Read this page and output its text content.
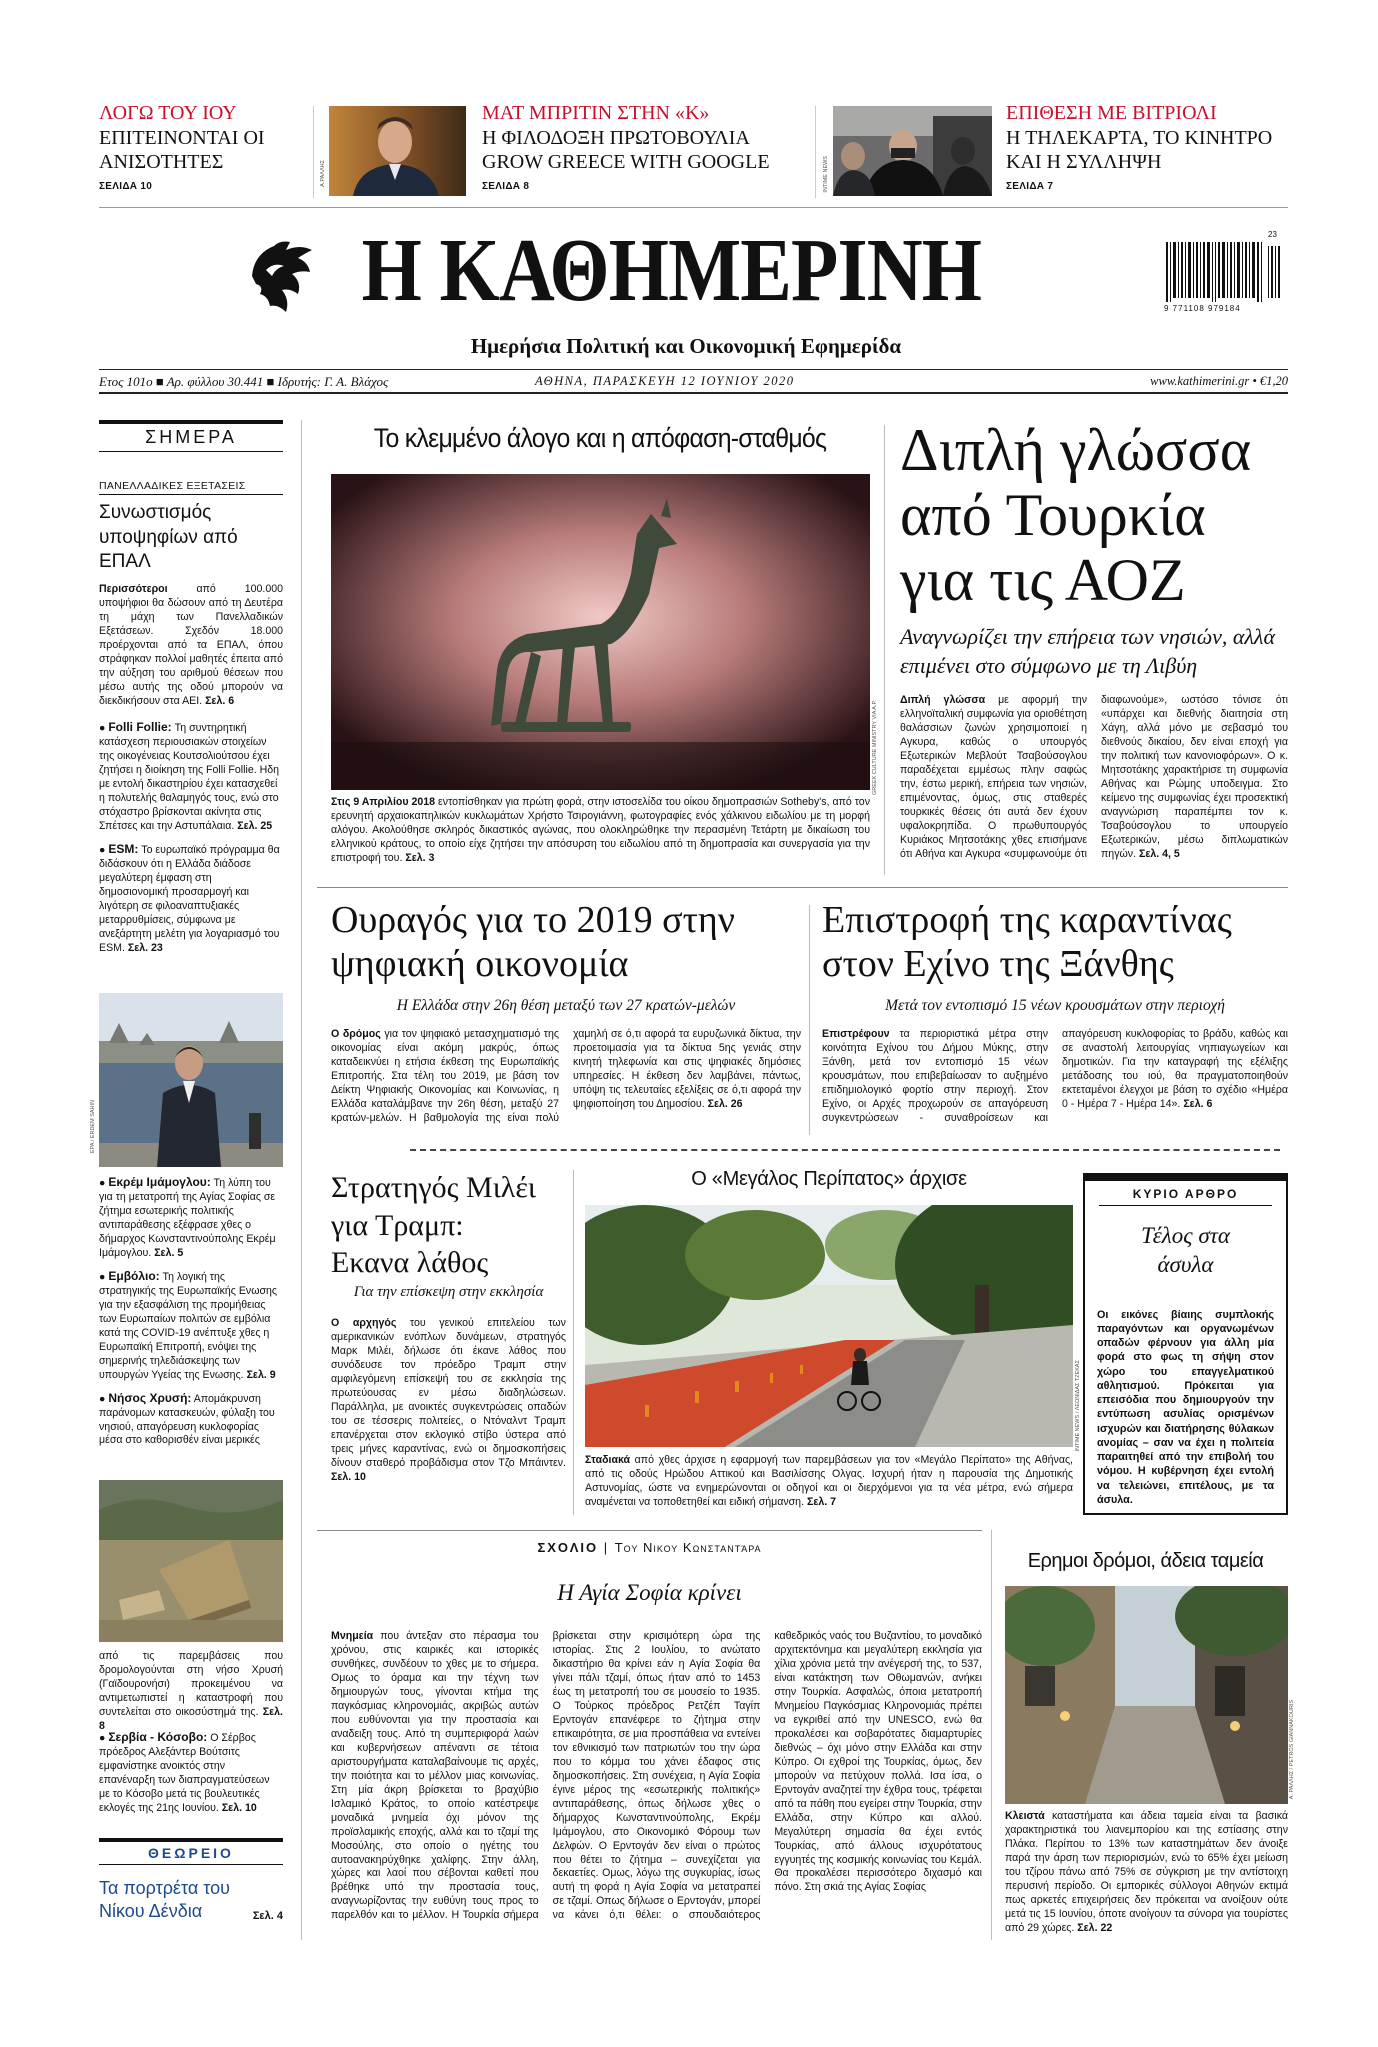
ΛΟΓΩ ΤΟΥ ΙΟΥ
ΕΠΙΤΕΙΝΟΝΤΑΙ ΟΙ ΑΝΙΣΟΤΗΤΕΣ
ΣΕΛΙΔΑ 10	Α.ΡΑΛΛΗΣ
ΜΑΤ ΜΠΡΙΤΙΝ ΣΤΗΝ «Κ»
Η ΦΙΛΟΔΟΞΗ ΠΡΩΤΟΒΟΥΛΙΑ GROW GREECE WITH GOOGLE
ΣΕΛΙΔΑ 8	INTIME NEWS
ΕΠΙΘΕΣΗ ΜΕ ΒΙΤΡΙΟΛΙ
Η ΤΗΛΕΚΑΡΤΑ, ΤΟ ΚΙΝΗΤΡΟ ΚΑΙ Η ΣΥΛΛΗΨΗ
ΣΕΛΙΔΑ 7
Η ΚΑΘΗΜΕΡΙΝΗ
Ημερήσια Πολιτική και Οικονομική Εφημερίδα
23
9 771108 979184
Ετος 101ο ■ Αρ. φύλλου 30.441 ■ Ιδρυτής: Γ. Α. Βλάχος	ΑΘΗΝΑ, ΠΑΡΑΣΚΕΥΗ 12 ΙΟΥΝΙΟΥ 2020	www.kathimerini.gr • €1,20
ΣΗΜΕΡΑ
ΠΑΝΕΛΛΑΔΙΚΕΣ ΕΞΕΤΑΣΕΙΣ
Συνωστισμός υποψηφίων από ΕΠΑΛ
Περισσότεροι από 100.000 υποψήφιοι θα δώσουν από τη Δευτέρα τη μάχη των Πανελλαδικών Εξετάσεων. Σχεδόν 18.000 προέρχονται από τα ΕΠΑΛ, όπου στράφηκαν πολλοί μαθητές έπειτα από την αύξηση του αριθμού θέσεων που μέσω αυτής της οδού μπορούν να διεκδικήσουν στα ΑΕΙ. Σελ. 6
● Folli Follie: Τη συντηρητική κατάσχεση περιουσιακών στοιχείων της οικογένειας Κουτσολιούτσου έχει ζητήσει η διοίκηση της Folli Follie. Ηδη με εντολή δικαστηρίου έχει κατασχεθεί η πολυτελής θαλαμηγός τους, ενώ στο στόχαστρο βρίσκονται ακίνητα στις Σπέτσες και την Αστυπάλαια. Σελ. 25
● ESM: Το ευρωπαϊκό πρόγραμμα θα διδάσκουν ότι η Ελλάδα διάδοσε μεγαλύτερη έμφαση στη δημοσιονομική προσαρμογή και λιγότερη σε φιλοαναπτυξιακές μεταρρυθμίσεις, σύμφωνα με ανεξάρτητη μελέτη για λογαριασμό του ESM. Σελ. 23
EPA / ERDEM SAHIN
● Εκρέμ Ιμάμογλου: Τη λύπη του για τη μετατροπή της Αγίας Σοφίας σε ζήτημα εσωτερικής πολιτικής αντιπαράθεσης εξέφρασε χθες ο δήμαρχος Κωνσταντινούπολης Εκρέμ Ιμάμογλου. Σελ. 5
● Εμβόλιο: Τη λογική της στρατηγικής της Ευρωπαϊκής Ενωσης για την εξασφάλιση της προμήθειας των Ευρωπαίων πολιτών σε εμβόλια κατά της COVID-19 ανέπτυξε χθες η Ευρωπαϊκή Επιτροπή, ενόψει της σημερινής τηλεδιάσκεψης των υπουργών Υγείας της Ενωσης. Σελ. 9
● Νήσος Χρυσή: Απομάκρυνση παράνομων κατασκευών, φύλαξη του νησιού, απαγόρευση κυκλοφορίας μέσα στο καθορισθέν είναι μερικές
από τις παρεμβάσεις που δρομολογούνται στη νήσο Χρυσή (Γαϊδουρονήσι) προκειμένου να αντιμετωπιστεί η καταστροφή που συντελείται στο οικοσύστημά της. Σελ. 8
● Σερβία - Κόσοβο: Ο Σέρβος πρόεδρος Αλεξάντερ Βούτσιτς εμφανίστηκε ανοικτός στην επανέναρξη των διαπραγματεύσεων με το Κόσοβο μετά τις βουλευτικές εκλογές της 21ης Ιουνίου. Σελ. 10
ΘΕΩΡΕΙΟ
Τα πορτρέτα του Νίκου Δένδια	Σελ. 4
Το κλεμμένο άλογο και η απόφαση-σταθμός
GREEK CULTURE MINISTRY VIA A.P.
Στις 9 Απριλίου 2018 εντοπίσθηκαν για πρώτη φορά, στην ιστοσελίδα του οίκου δημοπρασιών Sotheby's, από τον ερευνητή αρχαιοκαπηλικών κυκλωμάτων Χρήστο Τσιρογιάννη, φωτογραφίες ενός χάλκινου ειδωλίου με τη μορφή αλόγου. Ακολούθησε σκληρός δικαστικός αγώνας, που ολοκληρώθηκε την περασμένη Τετάρτη με δικαίωση του ελληνικού κράτους, το οποίο είχε ζητήσει την απόσυρση του ειδωλίου από τη δημοπρασία και συνεργασία για την επιστροφή του. Σελ. 3
Διπλή γλώσσα από Τουρκία για τις ΑΟΖ
Αναγνωρίζει την επήρεια των νησιών, αλλά επιμένει στο σύμφωνο με τη Λιβύη
Διπλή γλώσσα με αφορμή την ελληνοϊταλική συμφωνία για οριοθέτηση θαλάσσιων ζωνών χρησιμοποιεί η Αγκυρα, καθώς ο υπουργός Εξωτερικών Μεβλούτ Τσαβούσογλου παραδέχεται εμμέσως πλην σαφώς την, έστω μερική, επήρεια των νησιών, επιμένοντας, όμως, στις σταθερές τουρκικές θέσεις ότι αυτά δεν έχουν υφαλοκρηπίδα. Ο πρωθυπουργός Κυριάκος Μητσοτάκης χθες επισήμανε ότι Αθήνα και Αγκυρα «συμφωνούμε ότι διαφωνούμε», ωστόσο τόνισε ότι «υπάρχει και διεθνής διαιτησία στη Χάγη, αλλά μόνο με σεβασμό του διεθνούς δικαίου, δεν είναι εποχή για την πολιτική των κανονιοφόρων». Ο κ. Μητσοτάκης χαρακτήρισε τη συμφωνία Αθήνας και Ρώμης υποδειγμα. Στο κείμενο της συμφωνίας έχει προσεκτική αναγνώριση παραπέμπει τον κ. Τσαβούσογλου το υπουργείο Εξωτερικών, μέσω διπλωματικών πηγών. Σελ. 4, 5
Ουραγός για το 2019 στην ψηφιακή οικονομία
Η Ελλάδα στην 26η θέση μεταξύ των 27 κρατών-μελών
Ο δρόμος για τον ψηφιακό μετασχηματισμό της οικονομίας είναι ακόμη μακρύς, όπως καταδεικνύει η ετήσια έκθεση της Ευρωπαϊκής Επιτροπής. Στα τέλη του 2019, με βάση τον Δείκτη Ψηφιακής Οικονομίας και Κοινωνίας, η Ελλάδα καταλάμβανε την 26η θέση, μεταξύ 27 κρατών-μελών. Η βαθμολογία της είναι πολύ χαμηλή σε ό,τι αφορά τα ευρυζωνικά δίκτυα, την προετοιμασία για τα δίκτυα 5ης γενιάς στην κινητή τηλεφωνία και στις ψηφιακές δημόσιες υπηρεσίες. Η έκθεση δεν λαμβάνει, πάντως, υπόψη τις τελευταίες εξελίξεις σε ό,τι αφορά την ψηφιοποίηση του Δημοσίου. Σελ. 26
Επιστροφή της καραντίνας στον Εχίνο της Ξάνθης
Μετά τον εντοπισμό 15 νέων κρουσμάτων στην περιοχή
Επιστρέφουν τα περιοριστικά μέτρα στην κοινότητα Εχίνου του Δήμου Μύκης, στην Ξάνθη, μετά τον εντοπισμό 15 νέων κρουσμάτων, που επιβεβαίωσαν το αυξημένο επιδημιολογικό φορτίο στην περιοχή. Στον Εχίνο, οι Αρχές προχωρούν σε απαγόρευση συγκεντρώσεων - συναθροίσεων και απαγόρευση κυκλοφορίας το βράδυ, καθώς και σε αναστολή λειτουργίας νηπιαγωγείων και δημοτικών. Για την καταγραφή της εξέλιξης μετάδοσης του ιού, θα πραγματοποιηθούν εκτεταμένοι έλεγχοι με βάση το σχέδιο «Ημέρα 0 - Ημέρα 7 - Ημέρα 14». Σελ. 6
Στρατηγός Μιλέι για Τραμπ: Εκανα λάθος
Για την επίσκεψη στην εκκλησία
Ο αρχηγός του γενικού επιτελείου των αμερικανικών ενόπλων δυνάμεων, στρατηγός Μαρκ Μιλέι, δήλωσε ότι έκανε λάθος που συνόδευσε τον πρόεδρο Τραμπ στην αμφιλεγόμενη επίσκεψή του σε εκκλησία της πρωτεύουσας εν μέσω διαδηλώσεων. Παράλληλα, με ανοικτές συγκεντρώσεις οπαδών του σε τέσσερις πολιτείες, ο Ντόναλντ Τραμπ επανέρχεται στον εκλογικό στίβο ύστερα από τρεις μήνες καραντίνας, ενώ οι δημοσκοπήσεις δίνουν σταθερό προβάδισμα στον Τζο Μπάιντεν. Σελ. 10
Ο «Μεγάλος Περίπατος» άρχισε
INTIME NEWS / ΛΕΩΝΙΔΑΣ ΤΖΕΚΑΣ
Σταδιακά από χθες άρχισε η εφαρμογή των παρεμβάσεων για τον «Μεγάλο Περίπατο» της Αθήνας, από τις οδούς Ηρώδου Αττικού και Βασιλίσσης Ολγας. Ισχυρή ήταν η παρουσία της Δημοτικής Αστυνομίας, ώστε να ενημερώνονται οι οδηγοί και οι διερχόμενοι για τα νέα μέτρα, ενώ σήμερα αναμένεται να τοποθετηθεί και ειδική σήμανση. Σελ. 7
ΚΥΡΙΟ ΑΡΘΡΟ
Τέλος στα άσυλα
Οι εικόνες βίαιης συμπλοκής παραγόντων και οργανωμένων οπαδών φέρνουν για άλλη μία φορά στο φως τη σήψη στον χώρο του επαγγελματικού αθλητισμού. Πρόκειται για επεισόδια που δημιουργούν την εντύπωση ασυλίας ορισμένων ισχυρών και διατήρησης θύλακων ανομίας – σαν να έχει η πολιτεία παραιτηθεί από την επιβολή του νόμου. Η κυβέρνηση έχει εντολή να τελειώνει, επιτέλους, με τα άσυλα.
ΣΧΟΛΙΟ | Του Νικου Κωνσταντάρα
Η Αγία Σοφία κρίνει
Μνημεία που άντεξαν στο πέρασμα του χρόνου, στις καιρικές και ιστορικές συνθήκες, συνδέουν το χθες με το σήμερα. Ομως το όραμα και την τέχνη των δημιουργών τους, γίνονται κτήμα της παγκόσμιας κληρονομιάς, ακριβώς αυτών που ευθύνονται για την προστασία και αναδειξη τους. Από τη συμπεριφορά λαών και κυβερνήσεων απέναντι σε τέτοια αριστουργήματα καταλαβαίνουμε τις αρχές, την ποιότητα και το μέλλον μιας κοινωνίας. Στη μία άκρη βρίσκεται το βραχύβιο Ισλαμικό Κράτος, το οποίο κατέστρεψε μοναδικά μνημεία όχι μόνον της προϊσλαμικής εποχής, αλλά και το τζαμί της Μοσούλης, στο οποίο ο ηγέτης του αυτοανακηρύχθηκε χαλίφης. Στην άλλη, χώρες και λαοί που σέβονται καθετί που βρέθηκε υπό την προστασία τους, αναγνωρίζοντας την ευθύνη τους προς το παρελθόν και το μέλλον. Η Τουρκία σήμερα βρίσκεται στην κρισιμότερη ώρα της ιστορίας. Στις 2 Ιουλίου, το ανώτατο δικαστήριο θα κρίνει εάν η Αγία Σοφία θα γίνει πάλι τζαμί, όπως ήταν από το 1453 έως τη μετατροπή του σε μουσείο το 1935. Ο Τούρκος πρόεδρος Ρετζέπ Ταγίπ Ερντογάν επανέφερε το ζήτημα στην επικαιρότητα, σε μια προσπάθεια να εντείνει τον εθνικισμό των πατριωτών του την ώρα που το κόμμα του χάνει έδαφος στις δημοσκοπήσεις. Στη συνέχεια, η Αγία Σοφία έγινε μέρος της «εσωτερικής πολιτικής» αντιπαράθεσης, όπως δήλωσε χθες ο δήμαρχος Κωνσταντινούπολης, Εκρέμ Ιμάμογλου, στο Οικονομικό Φόρουμ των Δελφών. Ο Ερντογάν δεν είναι ο πρώτος που θέτει το ζήτημα – συνεχίζεται για δεκαετίες. Ομως, λόγω της συγκυρίας, ίσως αυτή τη φορά η Αγία Σοφία να μετατραπεί σε τζαμί. Οπως δήλωσε ο Ερντογάν, μπορεί να κάνει ό,τι θέλει: ο σπουδαιότερος καθεδρικός ναός του Βυζαντίου, το μοναδικό αρχιτεκτόνημα και μεγαλύτερη εκκλησία για χίλια χρόνια μετά την ανέγερσή της, το 537, είναι κατάκτηση των Οθωμανών, ανήκει στην Τουρκία. Ασφαλώς, όποια μετατροπή Μνημείου Παγκόσμιας Κληρονομιάς πρέπει να εγκριθεί από την UNESCO, ενώ θα προκαλέσει και σοβαρότατες διαμαρτυρίες διεθνώς – όχι μόνο στην Ελλάδα και στην Κύπρο. Οι εχθροί της Τουρκίας, όμως, δεν μπορούν να πετύχουν πολλά. Ισα ίσα, ο Ερντογάν αναζητεί την έχθρα τους, τρέφεται από τα πάθη που εγείρει στην Τουρκία, στην Ελλάδα, στην Κύπρο και αλλού. Μεγαλύτερη σημασία θα έχει εντός Τουρκίας, από άλλους ισχυρότατους εγγυητές της κοσμικής κοινωνίας του Κεμάλ. Θα προκαλέσει περισσότερο διχασμό και πόνο. Στη σκιά της Αγίας Σοφίας
Ερημοι δρόμοι, άδεια ταμεία
A. ΡΑΛΛΗΣ / PETROS GIANNAKOURIS
Κλειστά καταστήματα και άδεια ταμεία είναι τα βασικά χαρακτηριστικά του λιανεμπορίου και της εστίασης στην Πλάκα. Περίπου το 13% των καταστημάτων δεν άνοιξε παρά την άρση των περιορισμών, ενώ το 65% έχει μείωση του τζίρου πάνω από 75% σε σύγκριση με την αντίστοιχη περυσινή περίοδο. Οι εμπορικές σύλλογοι Αθηνών εκτιμά πως αρκετές επιχειρήσεις δεν πρόκειται να ανοίξουν ούτε μετά τις 15 Ιουνίου, όποτε ανοίγουν τα σύνορα για τουρίστες από 29 χώρες. Σελ. 22
